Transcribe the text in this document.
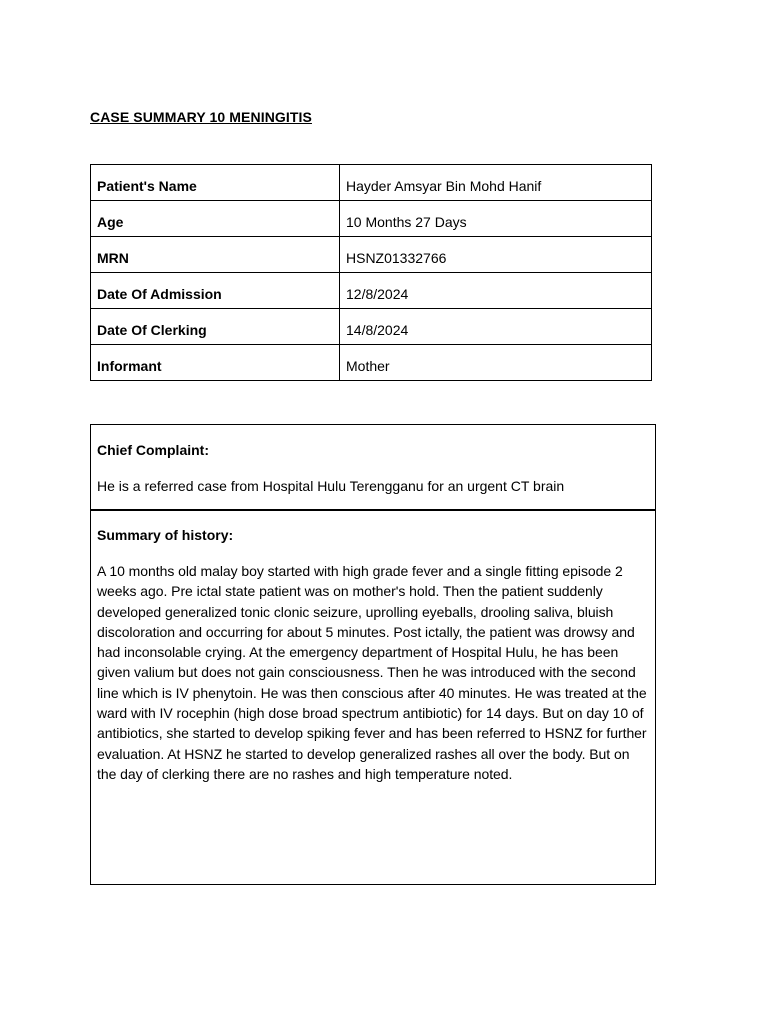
CASE SUMMARY 10 MENINGITIS
Patient's Name	Hayder Amsyar Bin Mohd Hanif
Age	10 Months 27 Days
MRN	HSNZ01332766
Date Of Admission	12/8/2024
Date Of Clerking	14/8/2024
Informant	Mother
Chief Complaint:
He is a referred case from Hospital Hulu Terengganu for an urgent CT brain
Summary of history:
A 10 months old malay boy started with high grade fever and a single fitting episode 2 weeks ago. Pre ictal state patient was on mother's hold. Then the patient suddenly developed generalized tonic clonic seizure, uprolling eyeballs, drooling saliva, bluish discoloration and occurring for about 5 minutes. Post ictally, the patient was drowsy and had inconsolable crying. At the emergency department of Hospital Hulu, he has been given valium but does not gain consciousness. Then he was introduced with the second line which is IV phenytoin. He was then conscious after 40 minutes. He was treated at the ward with IV rocephin (high dose broad spectrum antibiotic) for 14 days. But on day 10 of antibiotics, she started to develop spiking fever and has been referred to HSNZ for further evaluation. At HSNZ he started to develop generalized rashes all over the body. But on the day of clerking there are no rashes and high temperature noted.
